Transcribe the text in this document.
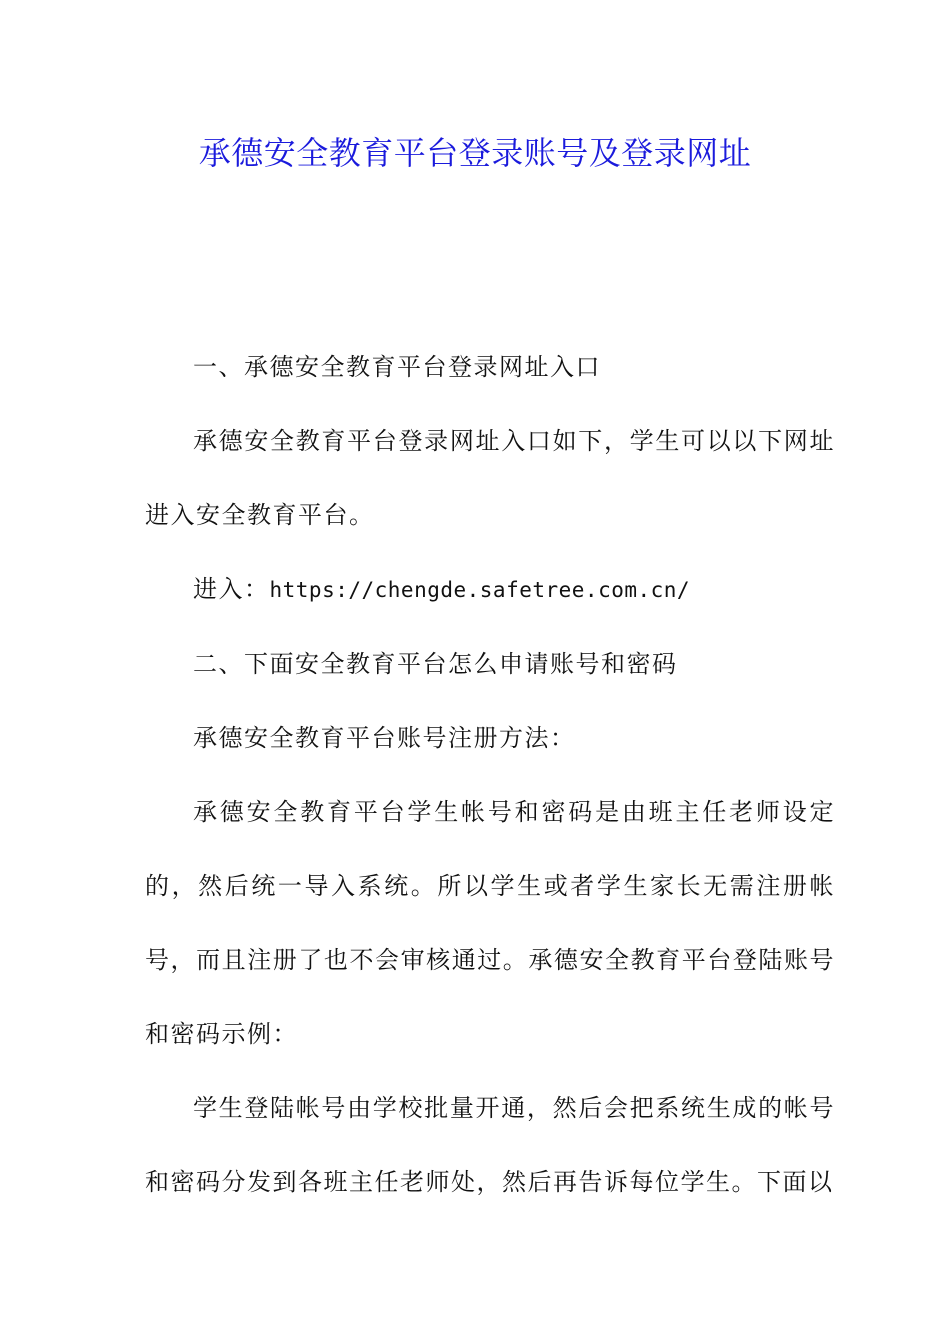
承德安全教育平台登录账号及登录网址

一、承德安全教育平台登录网址入口

承德安全教育平台登录网址入口如下，学生可以以下网址进入安全教育平台。

进入：https://chengde.safetree.com.cn/

二、下面安全教育平台怎么申请账号和密码

承德安全教育平台账号注册方法：

承德安全教育平台学生帐号和密码是由班主任老师设定的，然后统一导入系统。所以学生或者学生家长无需注册帐号，而且注册了也不会审核通过。承德安全教育平台登陆账号和密码示例：

学生登陆帐号由学校批量开通，然后会把系统生成的帐号和密码分发到各班主任老师处，然后再告诉每位学生。下面以
